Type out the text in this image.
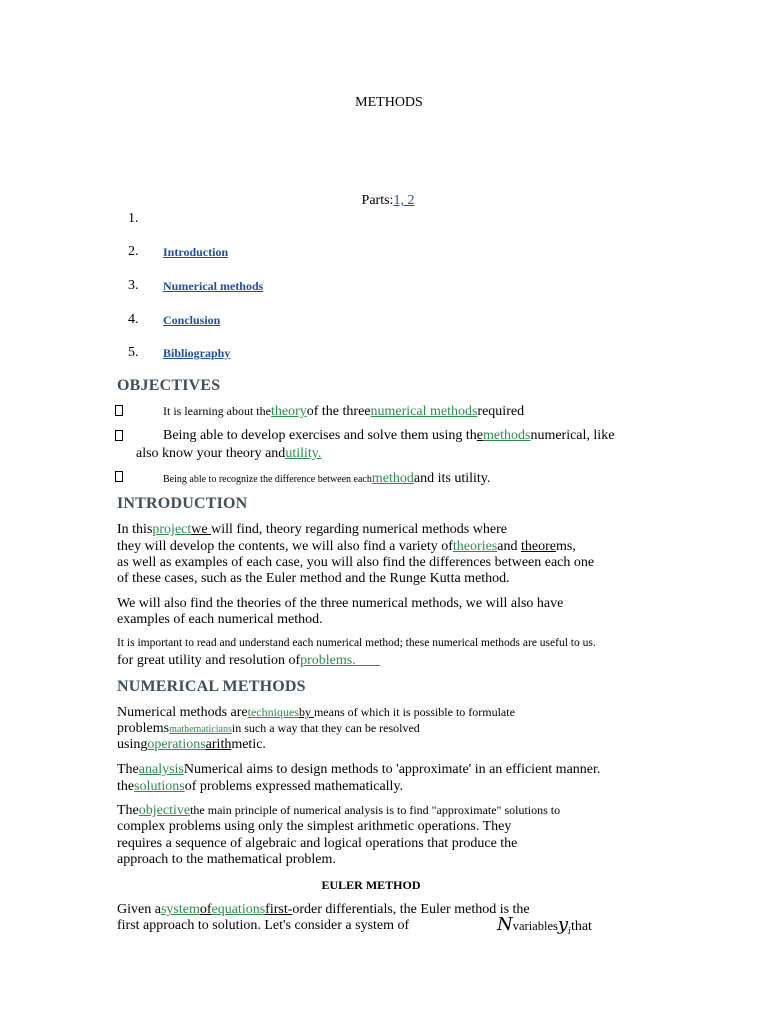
METHODS
Parts:1, 2
1.
2. Introduction
3. Numerical methods
4. Conclusion
5. Bibliography
OBJECTIVES
It is learning about thetheoryof the threenumerical methodsrequired
Being able to develop exercises and solve them using themethodsnumerical, like
also know your theory andutility.
Being able to recognize the difference between eachmethodand its utility.
INTRODUCTION
In thisprojectwe will find, theory regarding numerical methods where
they will develop the contents, we will also find a variety oftheoriesand theorems,
as well as examples of each case, you will also find the differences between each one
of these cases, such as the Euler method and the Runge Kutta method.
We will also find the theories of the three numerical methods, we will also have
examples of each numerical method.
It is important to read and understand each numerical method; these numerical methods are useful to us.
for great utility and resolution ofproblems.
NUMERICAL METHODS
Numerical methods aretechniquesby means of which it is possible to formulate
problemsmathematiciansin such a way that they can be resolved
usingoperationsarithmetic.
TheanalysisNumerical aims to design methods to 'approximate' in an efficient manner.
thesolutionsof problems expressed mathematically.
Theobjectivethe main principle of numerical analysis is to find "approximate" solutions to
complex problems using only the simplest arithmetic operations. They
requires a sequence of algebraic and logical operations that produce the
approach to the mathematical problem.
EULER METHOD
Given asystemofequationsfirst-order differentials, the Euler method is the
first approach to solution. Let's consider a system of	Nvariablesy$_i$that
